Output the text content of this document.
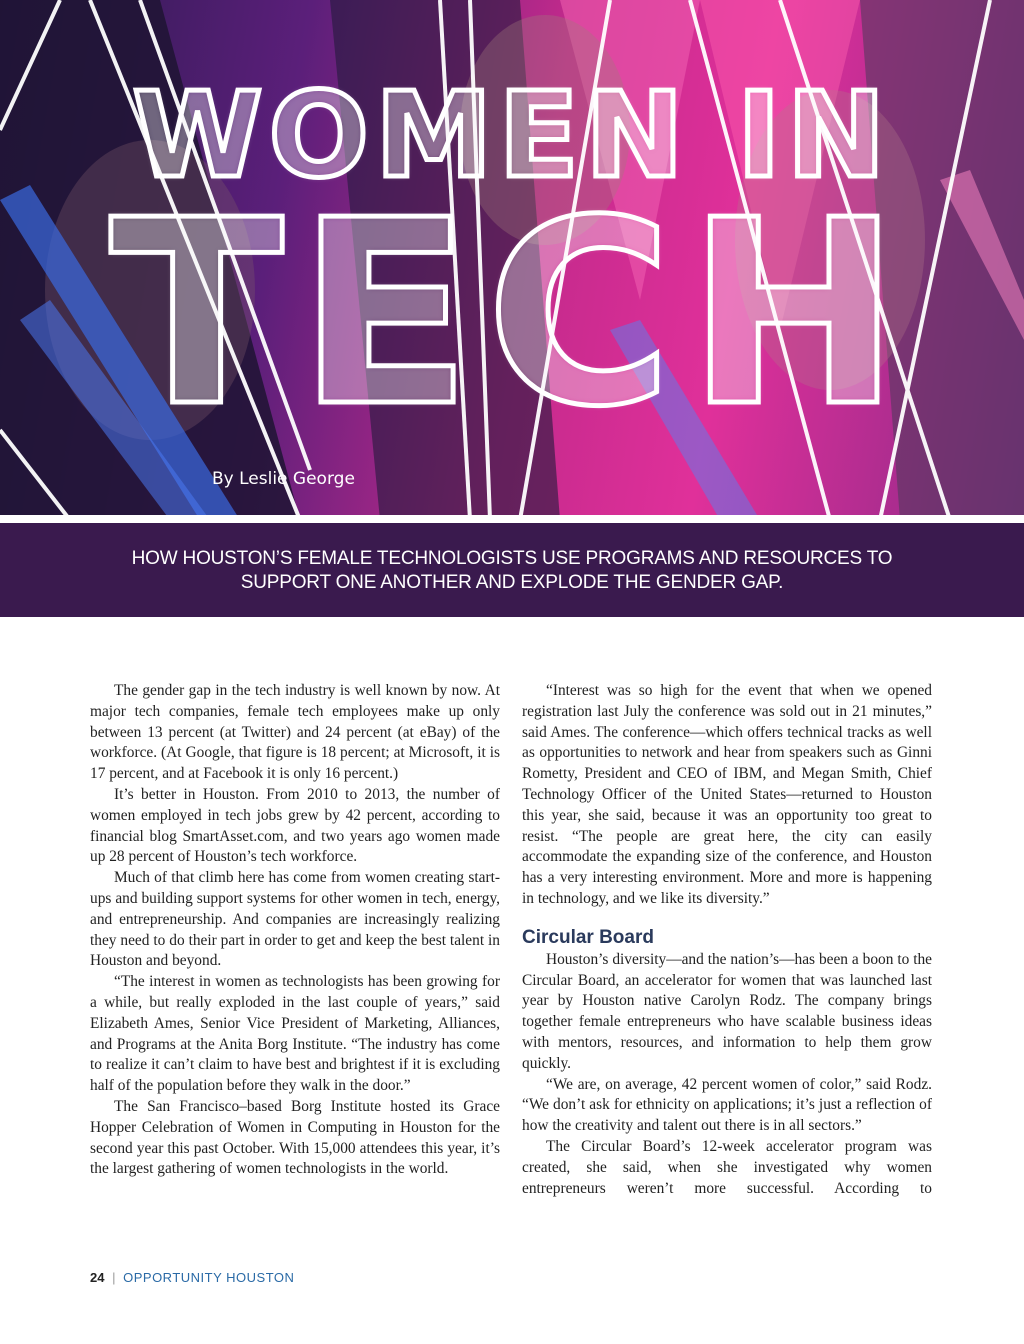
WOMEN IN
TECH
By Leslie George
HOW HOUSTON’S FEMALE TECHNOLOGISTS USE PROGRAMS AND RESOURCES TO
SUPPORT ONE ANOTHER AND EXPLODE THE GENDER GAP.

The gender gap in the tech industry is well known by now. At major tech companies, female tech employees make up only between 13 percent (at Twitter) and 24 percent (at eBay) of the workforce. (At Google, that figure is 18 percent; at Microsoft, it is 17 percent, and at Facebook it is only 16 percent.)

It’s better in Houston. From 2010 to 2013, the number of women employed in tech jobs grew by 42 percent, according to financial blog SmartAsset.com, and two years ago women made up 28 percent of Houston’s tech workforce.

Much of that climb here has come from women creating start-ups and building support systems for other women in tech, energy, and entrepreneurship. And companies are increasingly realizing they need to do their part in order to get and keep the best talent in Houston and beyond.

“The interest in women as technologists has been growing for a while, but really exploded in the last couple of years,” said Elizabeth Ames, Senior Vice President of Marketing, Alliances, and Programs at the Anita Borg Institute. “The industry has come to realize it can’t claim to have best and brightest if it is excluding half of the population before they walk in the door.”

The San Francisco–based Borg Institute hosted its Grace Hopper Celebration of Women in Computing in Houston for the second year this past October. With 15,000 attendees this year, it’s the largest gathering of women technologists in the world.

“Interest was so high for the event that when we opened registration last July the conference was sold out in 21 minutes,” said Ames. The conference—which offers technical tracks as well as opportunities to network and hear from speakers such as Ginni Rometty, President and CEO of IBM, and Megan Smith, Chief Technology Officer of the United States—returned to Houston this year, she said, because it was an opportunity too great to resist. “The people are great here, the city can easily accommodate the expanding size of the conference, and Houston has a very interesting environment. More and more is happening in technology, and we like its diversity.”

Circular Board

Houston’s diversity—and the nation’s—has been a boon to the Circular Board, an accelerator for women that was launched last year by Houston native Carolyn Rodz. The company brings together female entrepreneurs who have scalable business ideas with mentors, resources, and information to help them grow quickly.

“We are, on average, 42 percent women of color,” said Rodz. “We don’t ask for ethnicity on applications; it’s just a reflection of how the creativity and talent out there is in all sectors.”

The Circular Board’s 12-week accelerator program was created, she said, when she investigated why women entrepreneurs weren’t more successful. According to

24 | OPPORTUNITY HOUSTON
